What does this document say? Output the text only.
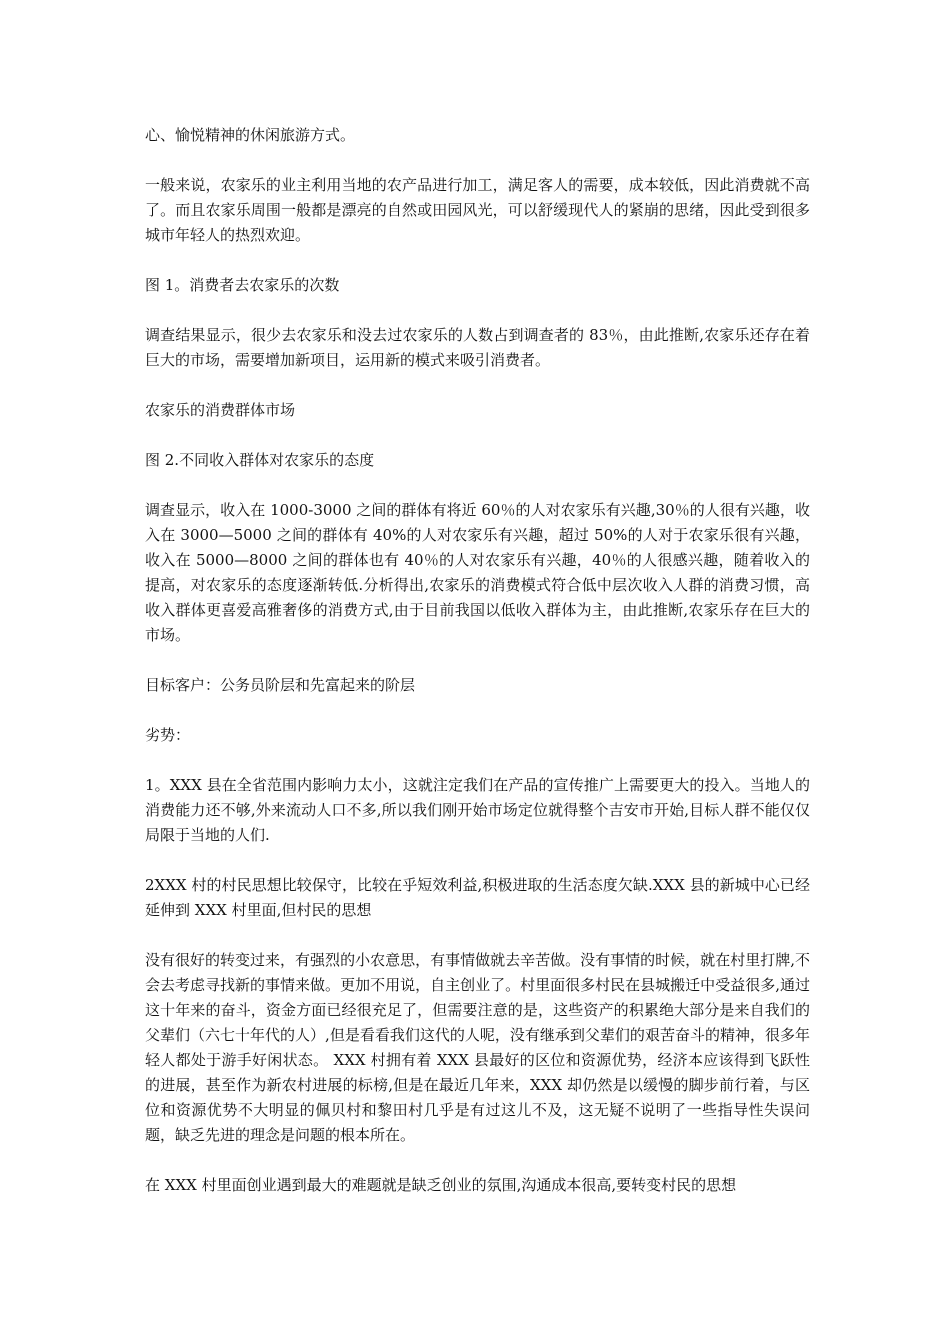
心、愉悦精神的休闲旅游方式。

一般来说，农家乐的业主利用当地的农产品进行加工，满足客人的需要，成本较低，因此消费就不高了。而且农家乐周围一般都是漂亮的自然或田园风光，可以舒缓现代人的紧崩的思绪，因此受到很多城市年轻人的热烈欢迎。

图 1。消费者去农家乐的次数

调查结果显示，很少去农家乐和没去过农家乐的人数占到调查者的 83％，由此推断,农家乐还存在着巨大的市场，需要增加新项目，运用新的模式来吸引消费者。

农家乐的消费群体市场

图 2.不同收入群体对农家乐的态度

调查显示，收入在 1000-3000 之间的群体有将近 60％的人对农家乐有兴趣,30％的人很有兴趣，收入在 3000—5000 之间的群体有 40%的人对农家乐有兴趣，超过 50%的人对于农家乐很有兴趣，收入在 5000—8000 之间的群体也有 40％的人对农家乐有兴趣，40％的人很感兴趣，随着收入的提高，对农家乐的态度逐渐转低.分析得出,农家乐的消费模式符合低中层次收入人群的消费习惯，高收入群体更喜爱高雅奢侈的消费方式,由于目前我国以低收入群体为主，由此推断,农家乐存在巨大的市场。

目标客户：公务员阶层和先富起来的阶层

劣势：

1。XXX 县在全省范围内影响力太小，这就注定我们在产品的宣传推广上需要更大的投入。当地人的消费能力还不够,外来流动人口不多,所以我们刚开始市场定位就得整个吉安市开始,目标人群不能仅仅局限于当地的人们.

2XXX 村的村民思想比较保守，比较在乎短效利益,积极进取的生活态度欠缺.XXX 县的新城中心已经延伸到 XXX 村里面,但村民的思想

没有很好的转变过来，有强烈的小农意思，有事情做就去辛苦做。没有事情的时候，就在村里打牌,不会去考虑寻找新的事情来做。更加不用说，自主创业了。村里面很多村民在县城搬迁中受益很多,通过这十年来的奋斗，资金方面已经很充足了，但需要注意的是，这些资产的积累绝大部分是来自我们的父辈们（六七十年代的人）,但是看看我们这代的人呢，没有继承到父辈们的艰苦奋斗的精神，很多年轻人都处于游手好闲状态。 XXX 村拥有着 XXX 县最好的区位和资源优势，经济本应该得到飞跃性的进展，甚至作为新农村进展的标榜,但是在最近几年来，XXX 却仍然是以缓慢的脚步前行着，与区位和资源优势不大明显的佩贝村和黎田村几乎是有过这儿不及，这无疑不说明了一些指导性失误问题，缺乏先进的理念是问题的根本所在。

在 XXX 村里面创业遇到最大的难题就是缺乏创业的氛围,沟通成本很高,要转变村民的思想
